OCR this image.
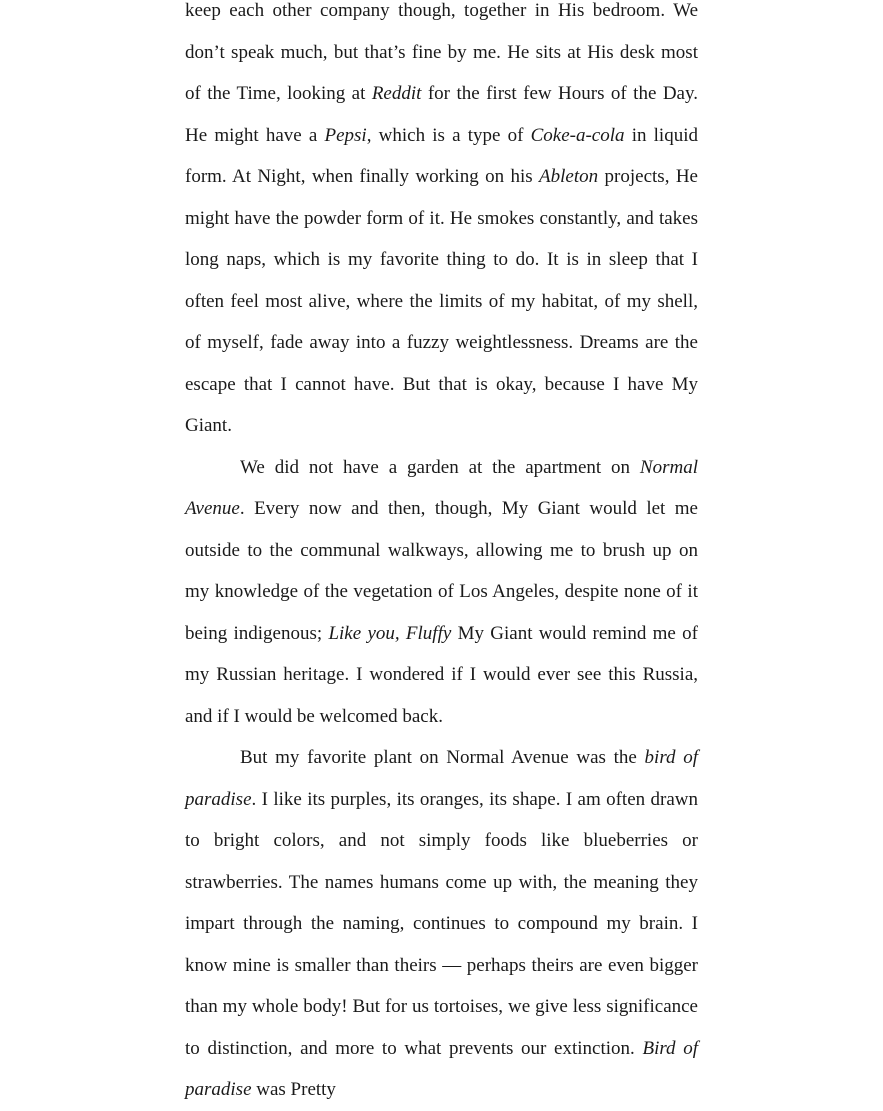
keep each other company though, together in His bedroom. We don’t speak much, but that’s fine by me. He sits at His desk most of the Time, looking at Reddit for the first few Hours of the Day. He might have a Pepsi, which is a type of Coke-a-cola in liquid form. At Night, when finally working on his Ableton projects, He might have the powder form of it. He smokes constantly, and takes long naps, which is my favorite thing to do. It is in sleep that I often feel most alive, where the limits of my habitat, of my shell, of myself, fade away into a fuzzy weightlessness. Dreams are the escape that I cannot have. But that is okay, because I have My Giant.

We did not have a garden at the apartment on Normal Avenue. Every now and then, though, My Giant would let me outside to the communal walkways, allowing me to brush up on my knowledge of the vegetation of Los Angeles, despite none of it being indigenous; Like you, Fluffy My Giant would remind me of my Russian heritage. I wondered if I would ever see this Russia, and if I would be welcomed back.

But my favorite plant on Normal Avenue was the bird of paradise. I like its purples, its oranges, its shape. I am often drawn to bright colors, and not simply foods like blueberries or strawberries. The names humans come up with, the meaning they impart through the naming, continues to compound my brain. I know mine is smaller than theirs — perhaps theirs are even bigger than my whole body! But for us tortoises, we give less significance to distinction, and more to what prevents our extinction. Bird of paradise was Pretty
